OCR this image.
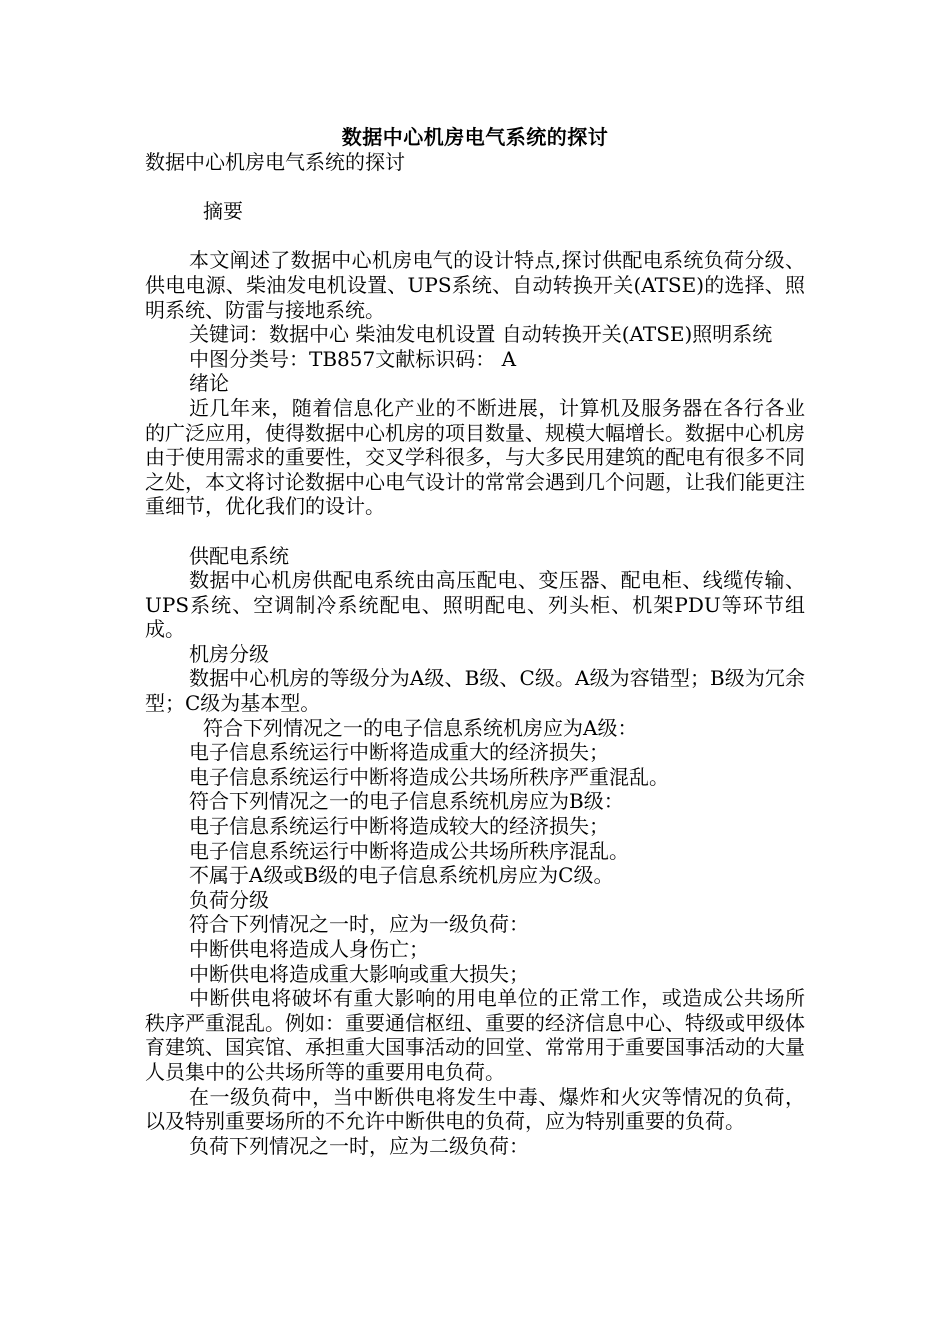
数据中心机房电气系统的探讨

数据中心机房电气系统的探讨

摘要

本文阐述了数据中心机房电气的设计特点,探讨供配电系统负荷分级、供电电源、柴油发电机设置、UPS系统、自动转换开关(ATSE)的选择、照明系统、防雷与接地系统。

关键词：数据中心 柴油发电机设置 自动转换开关(ATSE)照明系统

中图分类号：TB857文献标识码： A

绪论

近几年来，随着信息化产业的不断进展，计算机及服务器在各行各业的广泛应用，使得数据中心机房的项目数量、规模大幅增长。数据中心机房由于使用需求的重要性，交叉学科很多，与大多民用建筑的配电有很多不同之处，本文将讨论数据中心电气设计的常常会遇到几个问题，让我们能更注重细节，优化我们的设计。

供配电系统

数据中心机房供配电系统由高压配电、变压器、配电柜、线缆传输、UPS系统、空调制冷系统配电、照明配电、列头柜、机架PDU等环节组成。

机房分级

数据中心机房的等级分为A级、B级、C级。A级为容错型；B级为冗余型；C级为基本型。

符合下列情况之一的电子信息系统机房应为A级：

电子信息系统运行中断将造成重大的经济损失；

电子信息系统运行中断将造成公共场所秩序严重混乱。

符合下列情况之一的电子信息系统机房应为B级：

电子信息系统运行中断将造成较大的经济损失；

电子信息系统运行中断将造成公共场所秩序混乱。

不属于A级或B级的电子信息系统机房应为C级。

负荷分级

符合下列情况之一时，应为一级负荷：

中断供电将造成人身伤亡；

中断供电将造成重大影响或重大损失；

中断供电将破坏有重大影响的用电单位的正常工作，或造成公共场所秩序严重混乱。例如：重要通信枢纽、重要的经济信息中心、特级或甲级体育建筑、国宾馆、承担重大国事活动的回堂、常常用于重要国事活动的大量人员集中的公共场所等的重要用电负荷。

在一级负荷中，当中断供电将发生中毒、爆炸和火灾等情况的负荷，以及特别重要场所的不允许中断供电的负荷，应为特别重要的负荷。

负荷下列情况之一时，应为二级负荷：
